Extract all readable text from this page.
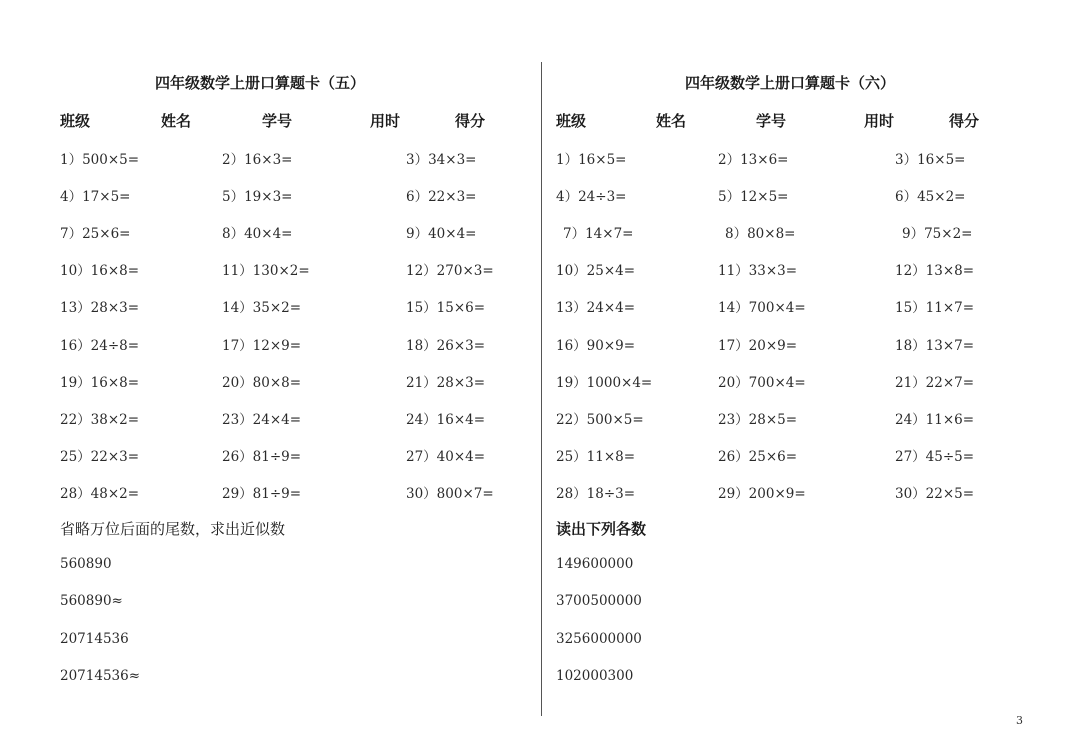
四年级数学上册口算题卡（五）
班级	姓名	学号	用时	得分
1）500×5=	2）16×3=	3）34×3=
4）17×5=	5）19×3=	6）22×3=
7）25×6=	8）40×4=	9）40×4=
10）16×8=	11）130×2=	12）270×3=
13）28×3=	14）35×2=	15）15×6=
16）24÷8=	17）12×9=	18）26×3=
19）16×8=	20）80×8=	21）28×3=
22）38×2=	23）24×4=	24）16×4=
25）22×3=	26）81÷9=	27）40×4=
28）48×2=	29）81÷9=	30）800×7=
省略万位后面的尾数，求出近似数
560890
560890≈
20714536
20714536≈
四年级数学上册口算题卡（六）
班级	姓名	学号	用时	得分
1）16×5=	2）13×6=	3）16×5=
4）24÷3=	5）12×5=	6）45×2=
7）14×7=	8）80×8=	9）75×2=
10）25×4=	11）33×3=	12）13×8=
13）24×4=	14）700×4=	15）11×7=
16）90×9=	17）20×9=	18）13×7=
19）1000×4=	20）700×4=	21）22×7=
22）500×5=	23）28×5=	24）11×6=
25）11×8=	26）25×6=	27）45÷5=
28）18÷3=	29）200×9=	30）22×5=
读出下列各数
149600000
3700500000
3256000000
102000300
3
